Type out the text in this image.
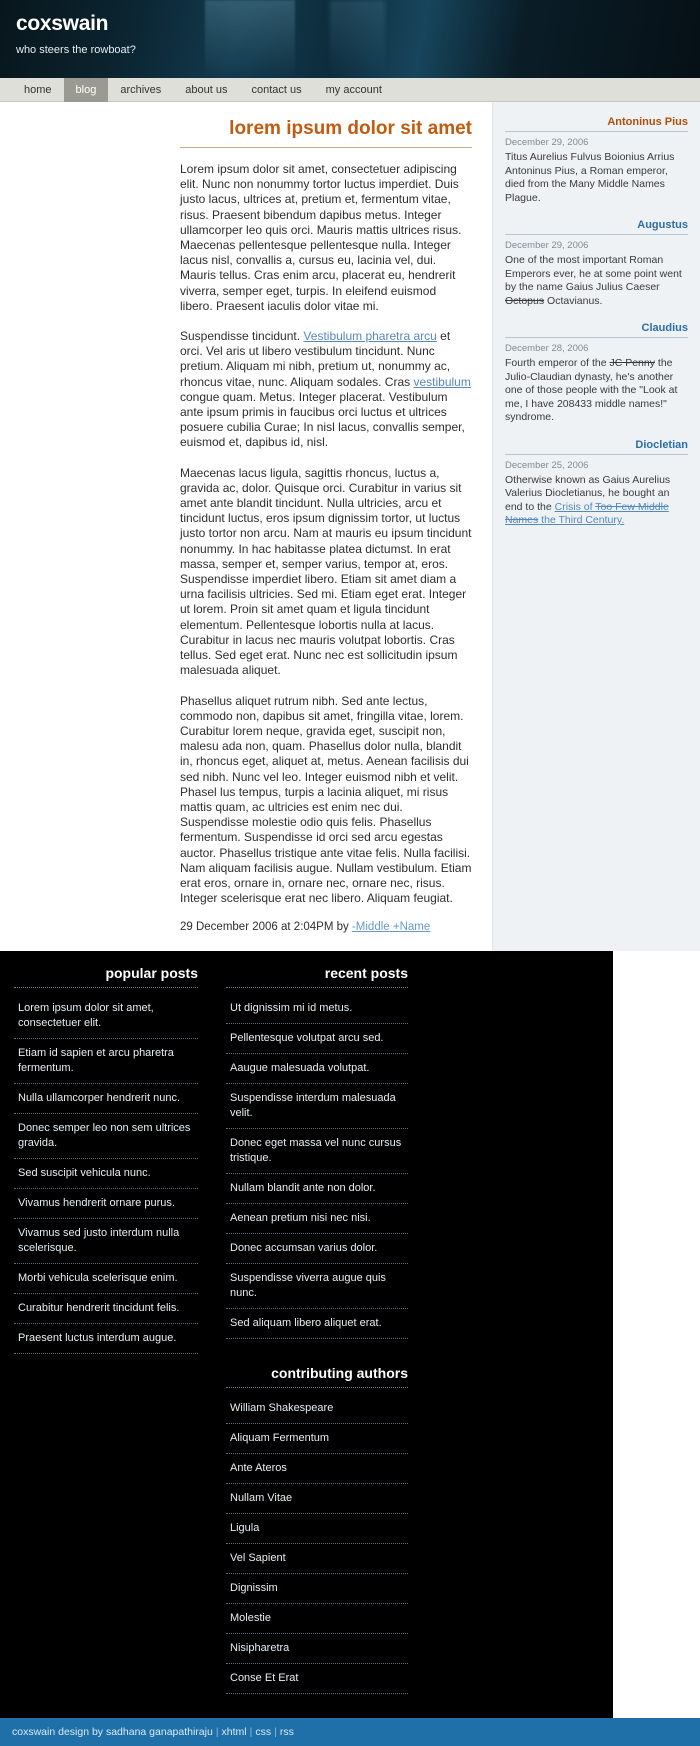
coxswain
who steers the rowboat?
home	blog	archives	about us	contact us	my account
lorem ipsum dolor sit amet

Lorem ipsum dolor sit amet, consectetuer adipiscing elit. Nunc non nonummy tortor luctus imperdiet. Duis justo lacus, ultrices at, pretium et, fermentum vitae, risus. Praesent bibendum dapibus metus. Integer ullamcorper leo quis orci. Mauris mattis ultrices risus. Maecenas pellentesque pellentesque nulla. Integer lacus nisl, convallis a, cursus eu, lacinia vel, dui. Mauris tellus. Cras enim arcu, placerat eu, hendrerit viverra, semper eget, turpis. In eleifend euismod libero. Praesent iaculis dolor vitae mi.

Suspendisse tincidunt. Vestibulum pharetra arcu et orci. Vel aris ut libero vestibulum tincidunt. Nunc pretium. Aliquam mi nibh, pretium ut, nonummy ac, rhoncus vitae, nunc. Aliquam sodales. Cras vestibulum congue quam. Metus. Integer placerat. Vestibulum ante ipsum primis in faucibus orci luctus et ultrices posuere cubilia Curae; In nisl lacus, convallis semper, euismod et, dapibus id, nisl.

Maecenas lacus ligula, sagittis rhoncus, luctus a, gravida ac, dolor. Quisque orci. Curabitur in varius sit amet ante blandit tincidunt. Nulla ultricies, arcu et tincidunt luctus, eros ipsum dignissim tortor, ut luctus justo tortor non arcu. Nam at mauris eu ipsum tincidunt nonummy. In hac habitasse platea dictumst. In erat massa, semper et, semper varius, tempor at, eros. Suspendisse imperdiet libero. Etiam sit amet diam a urna facilisis ultricies. Sed mi. Etiam eget erat. Integer ut lorem. Proin sit amet quam et ligula tincidunt elementum. Pellentesque lobortis nulla at lacus. Curabitur in lacus nec mauris volutpat lobortis. Cras tellus. Sed eget erat. Nunc nec est sollicitudin ipsum malesuada aliquet.

Phasellus aliquet rutrum nibh. Sed ante lectus, commodo non, dapibus sit amet, fringilla vitae, lorem. Curabitur lorem neque, gravida eget, suscipit non, malesu ada non, quam. Phasellus dolor nulla, blandit in, rhoncus eget, aliquet at, metus. Aenean facilisis dui sed nibh. Nunc vel leo. Integer euismod nibh et velit. Phasel lus tempus, turpis a lacinia aliquet, mi risus mattis quam, ac ultricies est enim nec dui. Suspendisse molestie odio quis felis. Phasellus fermentum. Suspendisse id orci sed arcu egestas auctor. Phasellus tristique ante vitae felis. Nulla facilisi. Nam aliquam facilisis augue. Nullam vestibulum. Etiam erat eros, ornare in, ornare nec, ornare nec, risus. Integer scelerisque erat nec libero. Aliquam feugiat.

29 December 2006 at 2:04PM by -Middle +Name
Antoninus Pius
December 29, 2006
Titus Aurelius Fulvus Boionius Arrius Antoninus Pius, a Roman emperor, died from the Many Middle Names Plague.
Augustus
December 29, 2006
One of the most important Roman Emperors ever, he at some point went by the name Gaius Julius Caeser Octopus Octavianus.
Claudius
December 28, 2006
Fourth emperor of the JC Penny the Julio-Claudian dynasty, he's another one of those people with the "Look at me, I have 208433 middle names!" syndrome.
Diocletian
December 25, 2006
Otherwise known as Gaius Aurelius Valerius Diocletianus, he bought an end to the Crisis of Too Few Middle Names the Third Century.
popular posts
Lorem ipsum dolor sit amet, consectetuer elit.
Etiam id sapien et arcu pharetra fermentum.
Nulla ullamcorper hendrerit nunc.
Donec semper leo non sem ultrices gravida.
Sed suscipit vehicula nunc.
Vivamus hendrerit ornare purus.
Vivamus sed justo interdum nulla scelerisque.
Morbi vehicula scelerisque enim.
Curabitur hendrerit tincidunt felis.
Praesent luctus interdum augue.
recent posts
Ut dignissim mi id metus.
Pellentesque volutpat arcu sed.
Aaugue malesuada volutpat.
Suspendisse interdum malesuada velit.
Donec eget massa vel nunc cursus tristique.
Nullam blandit ante non dolor.
Aenean pretium nisi nec nisi.
Donec accumsan varius dolor.
Suspendisse viverra augue quis nunc.
Sed aliquam libero aliquet erat.
contributing authors
William Shakespeare
Aliquam Fermentum
Ante Ateros
Nullam Vitae
Ligula
Vel Sapient
Dignissim
Molestie
Nisipharetra
Conse Et Erat
coxswain design by sadhana ganapathiraju | xhtml | css | rss
